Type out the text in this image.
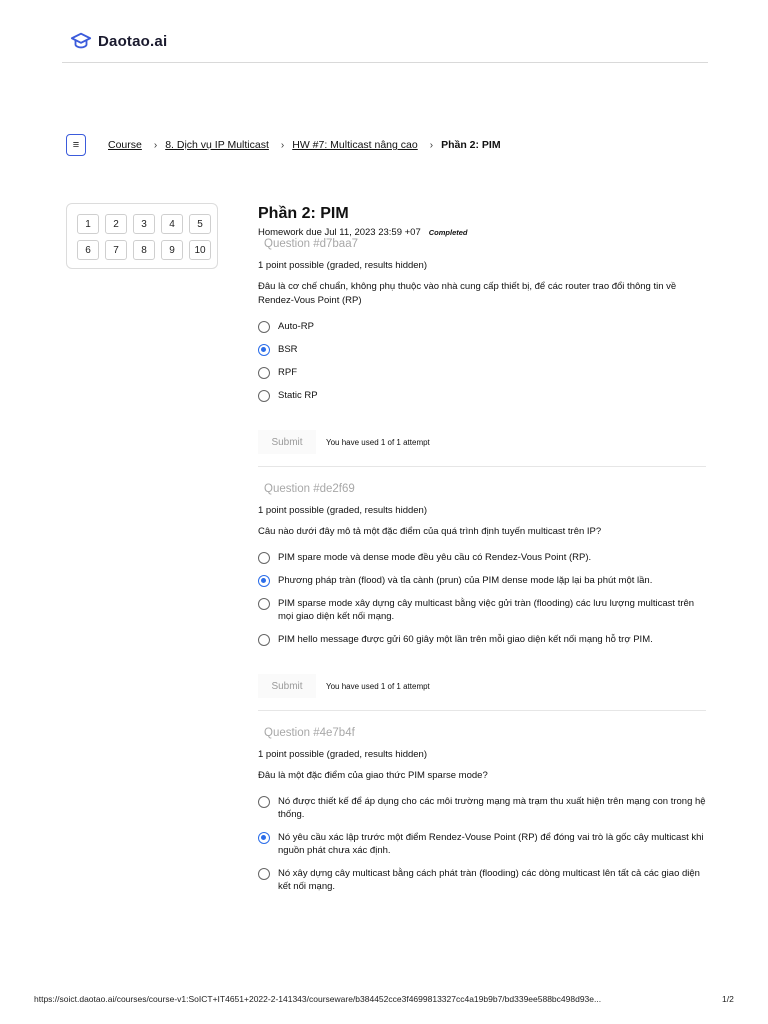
Daotao.ai
≡	Course › 8. Dịch vụ IP Multicast › HW #7: Multicast nâng cao › Phần 2: PIM
1	2	3	4	5
6	7	8	9	10
Phần 2: PIM
Homework due Jul 11, 2023 23:59 +07 Completed
Question #d7baa7
1 point possible (graded, results hidden)
Đâu là cơ chế chuẩn, không phụ thuộc vào nhà cung cấp thiết bị, để các router trao đổi thông tin về Rendez-Vous Point (RP)
Auto-RP
BSR
RPF
Static RP
Submit	You have used 1 of 1 attempt
Question #de2f69
1 point possible (graded, results hidden)
Câu nào dưới đây mô tả một đặc điểm của quá trình định tuyến multicast trên IP?
PIM spare mode và dense mode đều yêu cầu có Rendez-Vous Point (RP).
Phương pháp tràn (flood) và tỉa cành (prun) của PIM dense mode lặp lại ba phút một lần.
PIM sparse mode xây dựng cây multicast bằng việc gửi tràn (flooding) các lưu lượng multicast trên mọi giao diện kết nối mạng.
PIM hello message được gửi 60 giây một lần trên mỗi giao diện kết nối mạng hỗ trợ PIM.
Submit	You have used 1 of 1 attempt
Question #4e7b4f
1 point possible (graded, results hidden)
Đâu là một đặc điểm của giao thức PIM sparse mode?
Nó được thiết kế để áp dụng cho các môi trường mạng mà trạm thu xuất hiện trên mạng con trong hệ thống.
Nó yêu cầu xác lập trước một điểm Rendez-Vouse Point (RP) để đóng vai trò là gốc cây multicast khi nguồn phát chưa xác định.
Nó xây dựng cây multicast bằng cách phát tràn (flooding) các dòng multicast lên tất cả các giao diện kết nối mạng.
https://soict.daotao.ai/courses/course-v1:SoICT+IT4651+2022-2-141343/courseware/b384452cce3f4699813327cc4a19b9b7/bd339ee588bc498d93e...	1/2
